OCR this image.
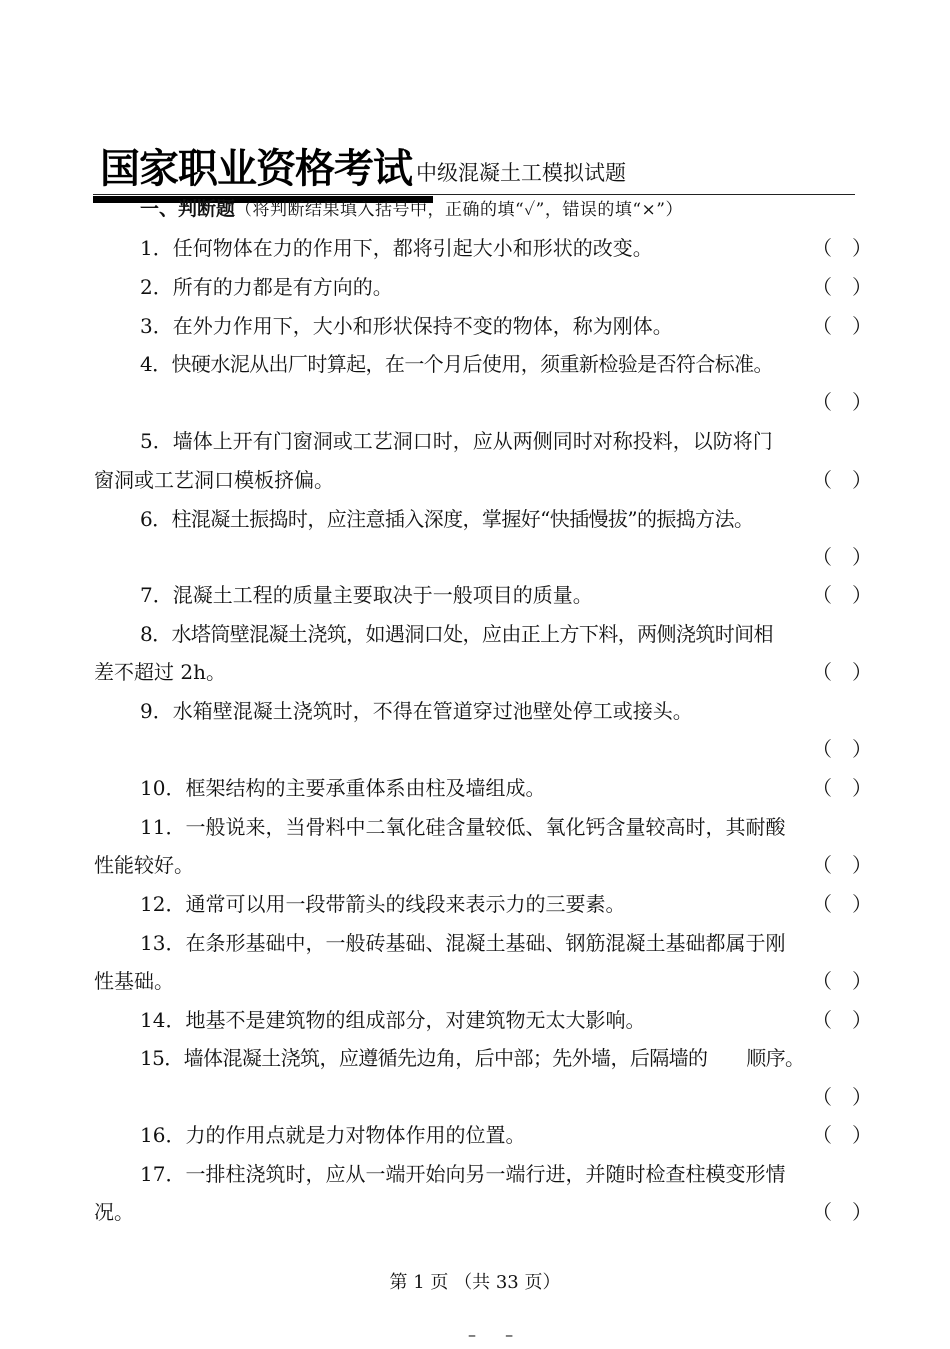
国家职业资格考试 中级混凝土工模拟试题
一、判断题（将判断结果填入括号中，正确的填“✓”，错误的填“×”）
1．任何物体在力的作用下，都将引起大小和形状的改变。	（　）
2．所有的力都是有方向的。	（　）
3．在外力作用下，大小和形状保持不变的物体，称为刚体。	（　）
4．快硬水泥从出厂时算起，在一个月后使用，须重新检验是否符合标准。
（　）
5．墙体上开有门窗洞或工艺洞口时，应从两侧同时对称投料，以防将门
窗洞或工艺洞口模板挤偏。	（　）
6．柱混凝土振捣时，应注意插入深度，掌握好“快插慢拔”的振捣方法。
（　）
7．混凝土工程的质量主要取决于一般项目的质量。	（　）
8．水塔筒壁混凝土浇筑，如遇洞口处，应由正上方下料，两侧浇筑时间相
差不超过 2h。	（　）
9．水箱壁混凝土浇筑时，不得在管道穿过池壁处停工或接头。
（　）
10．框架结构的主要承重体系由柱及墙组成。	（　）
11．一般说来，当骨料中二氧化硅含量较低、氧化钙含量较高时，其耐酸
性能较好。	（　）
12．通常可以用一段带箭头的线段来表示力的三要素。	（　）
13．在条形基础中，一般砖基础、混凝土基础、钢筋混凝土基础都属于刚
性基础。	（　）
14．地基不是建筑物的组成部分，对建筑物无太大影响。	（　）
15．墙体混凝土浇筑，应遵循先边角，后中部；先外墙，后隔墙的　　顺序。
（　）
16．力的作用点就是力对物体作用的位置。	（　）
17．一排柱浇筑时，应从一端开始向另一端行进，并随时检查柱模变形情
况。	（　）
第 1 页 （共 33 页）
– –
